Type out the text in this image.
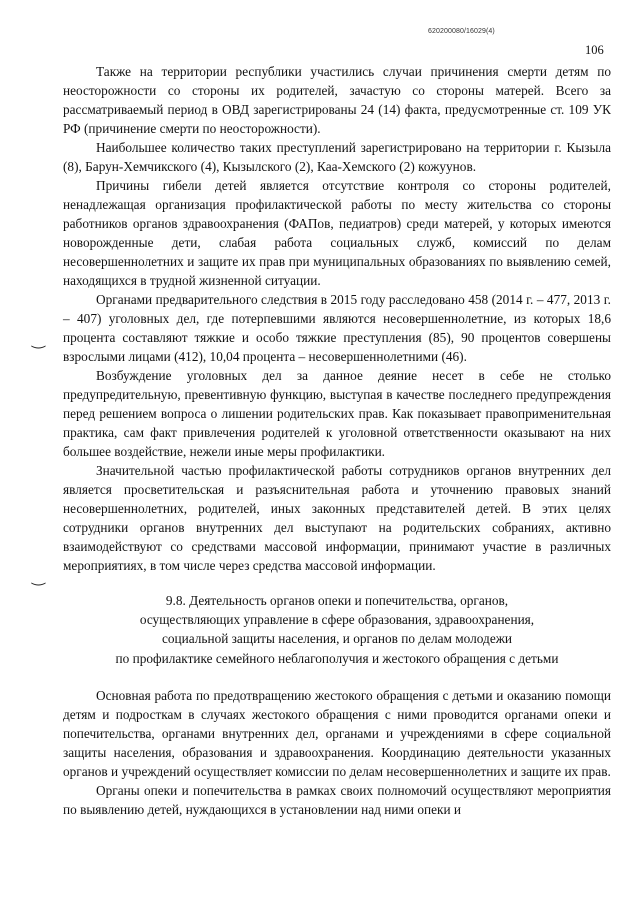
620200080/16029(4)
106
‿
‿

Также на территории республики участились случаи причинения смерти детям по неосторожности со стороны их родителей, зачастую со стороны матерей. Всего за рассматриваемый период в ОВД зарегистрированы 24 (14) факта, предусмотренные ст. 109 УК РФ (причинение смерти по неосторожности).

Наибольшее количество таких преступлений зарегистрировано на территории г. Кызыла (8), Барун-Хемчикского (4), Кызылского (2), Каа-Хемского (2) кожуунов.

Причины гибели детей является отсутствие контроля со стороны родителей, ненадлежащая организация профилактической работы по месту жительства со стороны работников органов здравоохранения (ФАПов, педиатров) среди матерей, у которых имеются новорожденные дети, слабая работа социальных служб, комиссий по делам несовершеннолетних и защите их прав при муниципальных образованиях по выявлению семей, находящихся в трудной жизненной ситуации.

Органами предварительного следствия в 2015 году расследовано 458 (2014 г. – 477, 2013 г. – 407) уголовных дел, где потерпевшими являются несовершеннолетние, из которых 18,6 процента составляют тяжкие и особо тяжкие преступления (85), 90 процентов совершены взрослыми лицами (412), 10,04 процента – несовершеннолетними (46).

Возбуждение уголовных дел за данное деяние несет в себе не столько предупредительную, превентивную функцию, выступая в качестве последнего предупреждения перед решением вопроса о лишении родительских прав. Как показывает правоприменительная практика, сам факт привлечения родителей к уголовной ответственности оказывают на них большее воздействие, нежели иные меры профилактики.

Значительной частью профилактической работы сотрудников органов внутренних дел является просветительская и разъяснительная работа и уточнению правовых знаний несовершеннолетних, родителей, иных законных представителей детей. В этих целях сотрудники органов внутренних дел выступают на родительских собраниях, активно взаимодействуют со средствами массовой информации, принимают участие в различных мероприятиях, в том числе через средства массовой информации.

9.8. Деятельность органов опеки и попечительства, органов,
осуществляющих управление в сфере образования, здравоохранения,
социальной защиты населения, и органов по делам молодежи
по профилактике семейного неблагополучия и жестокого обращения с детьми

Основная работа по предотвращению жестокого обращения с детьми и оказанию помощи детям и подросткам в случаях жестокого обращения с ними проводится органами опеки и попечительства, органами внутренних дел, органами и учреждениями в сфере социальной защиты населения, образования и здравоохранения. Координацию деятельности указанных органов и учреждений осуществляет комиссии по делам несовершеннолетних и защите их прав.

Органы опеки и попечительства в рамках своих полномочий осуществляют мероприятия по выявлению детей, нуждающихся в установлении над ними опеки и
